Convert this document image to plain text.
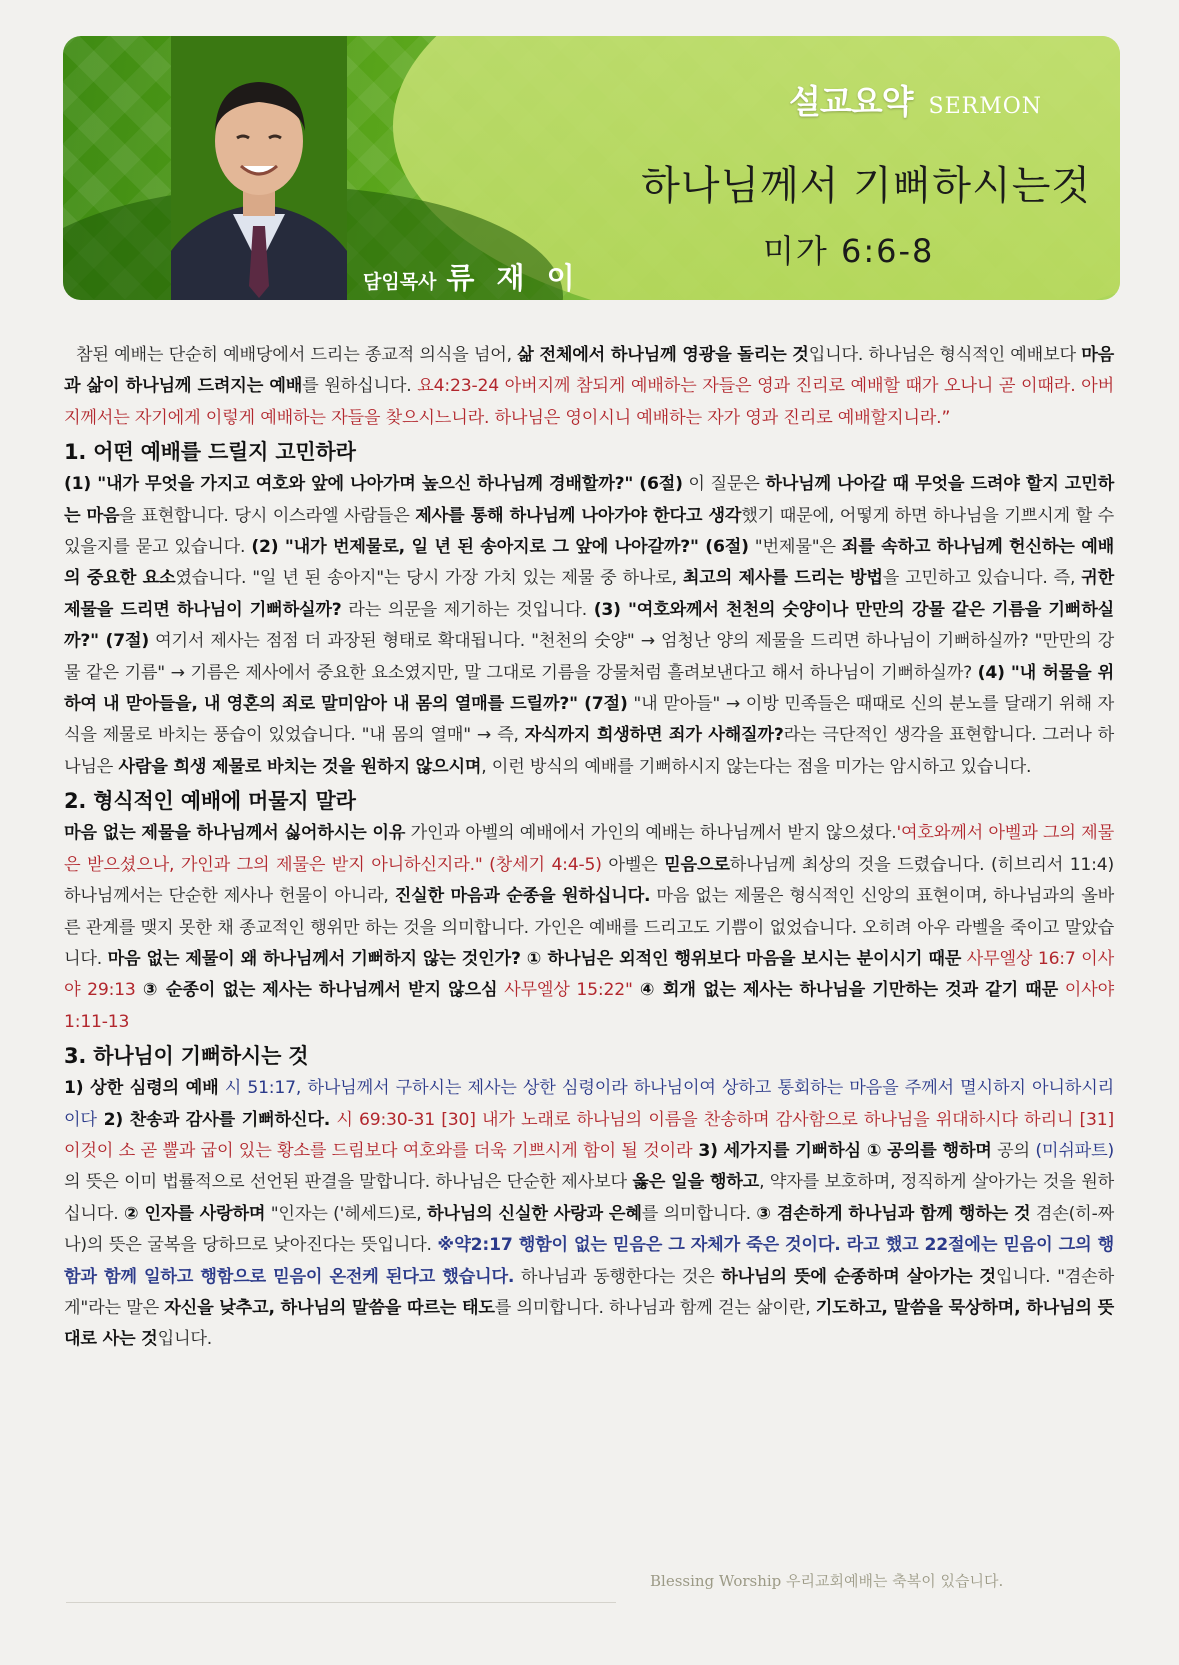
설교요약 SERMON
하나님께서 기뻐하시는것
미가 6:6-8
담임목사 류 재 이

참된 예배는 단순히 예배당에서 드리는 종교적 의식을 넘어, 삶 전체에서 하나님께 영광을 돌리는 것입니다. 하나님은 형식적인 예배보다 마음과 삶이 하나님께 드려지는 예배를 원하십니다. 요4:23-24 아버지께 참되게 예배하는 자들은 영과 진리로 예배할 때가 오나니 곧 이때라. 아버지께서는 자기에게 이렇게 예배하는 자들을 찾으시느니라. 하나님은 영이시니 예배하는 자가 영과 진리로 예배할지니라.”

1. 어떤 예배를 드릴지 고민하라

(1) "내가 무엇을 가지고 여호와 앞에 나아가며 높으신 하나님께 경배할까?" (6절) 이 질문은 하나님께 나아갈 때 무엇을 드려야 할지 고민하는 마음을 표현합니다. 당시 이스라엘 사람들은 제사를 통해 하나님께 나아가야 한다고 생각했기 때문에, 어떻게 하면 하나님을 기쁘시게 할 수 있을지를 묻고 있습니다. (2) "내가 번제물로, 일 년 된 송아지로 그 앞에 나아갈까?" (6절) "번제물"은 죄를 속하고 하나님께 헌신하는 예배의 중요한 요소였습니다. "일 년 된 송아지"는 당시 가장 가치 있는 제물 중 하나로, 최고의 제사를 드리는 방법을 고민하고 있습니다. 즉, 귀한 제물을 드리면 하나님이 기뻐하실까? 라는 의문을 제기하는 것입니다. (3) "여호와께서 천천의 숫양이나 만만의 강물 같은 기름을 기뻐하실까?" (7절) 여기서 제사는 점점 더 과장된 형태로 확대됩니다. "천천의 숫양" → 엄청난 양의 제물을 드리면 하나님이 기뻐하실까? "만만의 강물 같은 기름" → 기름은 제사에서 중요한 요소였지만, 말 그대로 기름을 강물처럼 흘려보낸다고 해서 하나님이 기뻐하실까? (4) "내 허물을 위하여 내 맏아들을, 내 영혼의 죄로 말미암아 내 몸의 열매를 드릴까?" (7절) "내 맏아들" → 이방 민족들은 때때로 신의 분노를 달래기 위해 자식을 제물로 바치는 풍습이 있었습니다. "내 몸의 열매" → 즉, 자식까지 희생하면 죄가 사해질까?라는 극단적인 생각을 표현합니다. 그러나 하나님은 사람을 희생 제물로 바치는 것을 원하지 않으시며, 이런 방식의 예배를 기뻐하시지 않는다는 점을 미가는 암시하고 있습니다.

2. 형식적인 예배에 머물지 말라

마음 없는 제물을 하나님께서 싫어하시는 이유 가인과 아벨의 예배에서 가인의 예배는 하나님께서 받지 않으셨다.'여호와께서 아벨과 그의 제물은 받으셨으나, 가인과 그의 제물은 받지 아니하신지라." (창세기 4:4-5) 아벨은 믿음으로하나님께 최상의 것을 드렸습니다. (히브리서 11:4) 하나님께서는 단순한 제사나 헌물이 아니라, 진실한 마음과 순종을 원하십니다. 마음 없는 제물은 형식적인 신앙의 표현이며, 하나님과의 올바른 관계를 맺지 못한 채 종교적인 행위만 하는 것을 의미합니다. 가인은 예배를 드리고도 기쁨이 없었습니다. 오히려 아우 라벨을 죽이고 말았습니다. 마음 없는 제물이 왜 하나님께서 기뻐하지 않는 것인가? ① 하나님은 외적인 행위보다 마음을 보시는 분이시기 때문 사무엘상 16:7 이사야 29:13 ③ 순종이 없는 제사는 하나님께서 받지 않으심 사무엘상 15:22" ④ 회개 없는 제사는 하나님을 기만하는 것과 같기 때문 이사야 1:11-13

3. 하나님이 기뻐하시는 것

1) 상한 심령의 예배 시 51:17, 하나님께서 구하시는 제사는 상한 심령이라 하나님이여 상하고 통회하는 마음을 주께서 멸시하지 아니하시리이다 2) 찬송과 감사를 기뻐하신다. 시 69:30-31 [30] 내가 노래로 하나님의 이름을 찬송하며 감사함으로 하나님을 위대하시다 하리니 [31] 이것이 소 곧 뿔과 굽이 있는 황소를 드림보다 여호와를 더욱 기쁘시게 함이 될 것이라 3) 세가지를 기뻐하심 ① 공의를 행하며 공의 (미쉬파트)의 뜻은 이미 법률적으로 선언된 판결을 말합니다. 하나님은 단순한 제사보다 옳은 일을 행하고, 약자를 보호하며, 정직하게 살아가는 것을 원하십니다. ② 인자를 사랑하며 "인자는 ('헤세드)로, 하나님의 신실한 사랑과 은혜를 의미합니다. ③ 겸손하게 하나님과 함께 행하는 것 겸손(히-짜나)의 뜻은 굴복을 당하므로 낮아진다는 뜻입니다. ※약2:17 행함이 없는 믿음은 그 자체가 죽은 것이다. 라고 했고 22절에는 믿음이 그의 행함과 함께 일하고 행함으로 믿음이 온전케 된다고 했습니다. 하나님과 동행한다는 것은 하나님의 뜻에 순종하며 살아가는 것입니다. "겸손하게"라는 말은 자신을 낮추고, 하나님의 말씀을 따르는 태도를 의미합니다. 하나님과 함께 걷는 삶이란, 기도하고, 말씀을 묵상하며, 하나님의 뜻대로 사는 것입니다.

Blessing Worship 우리교회예배는 축복이 있습니다.
